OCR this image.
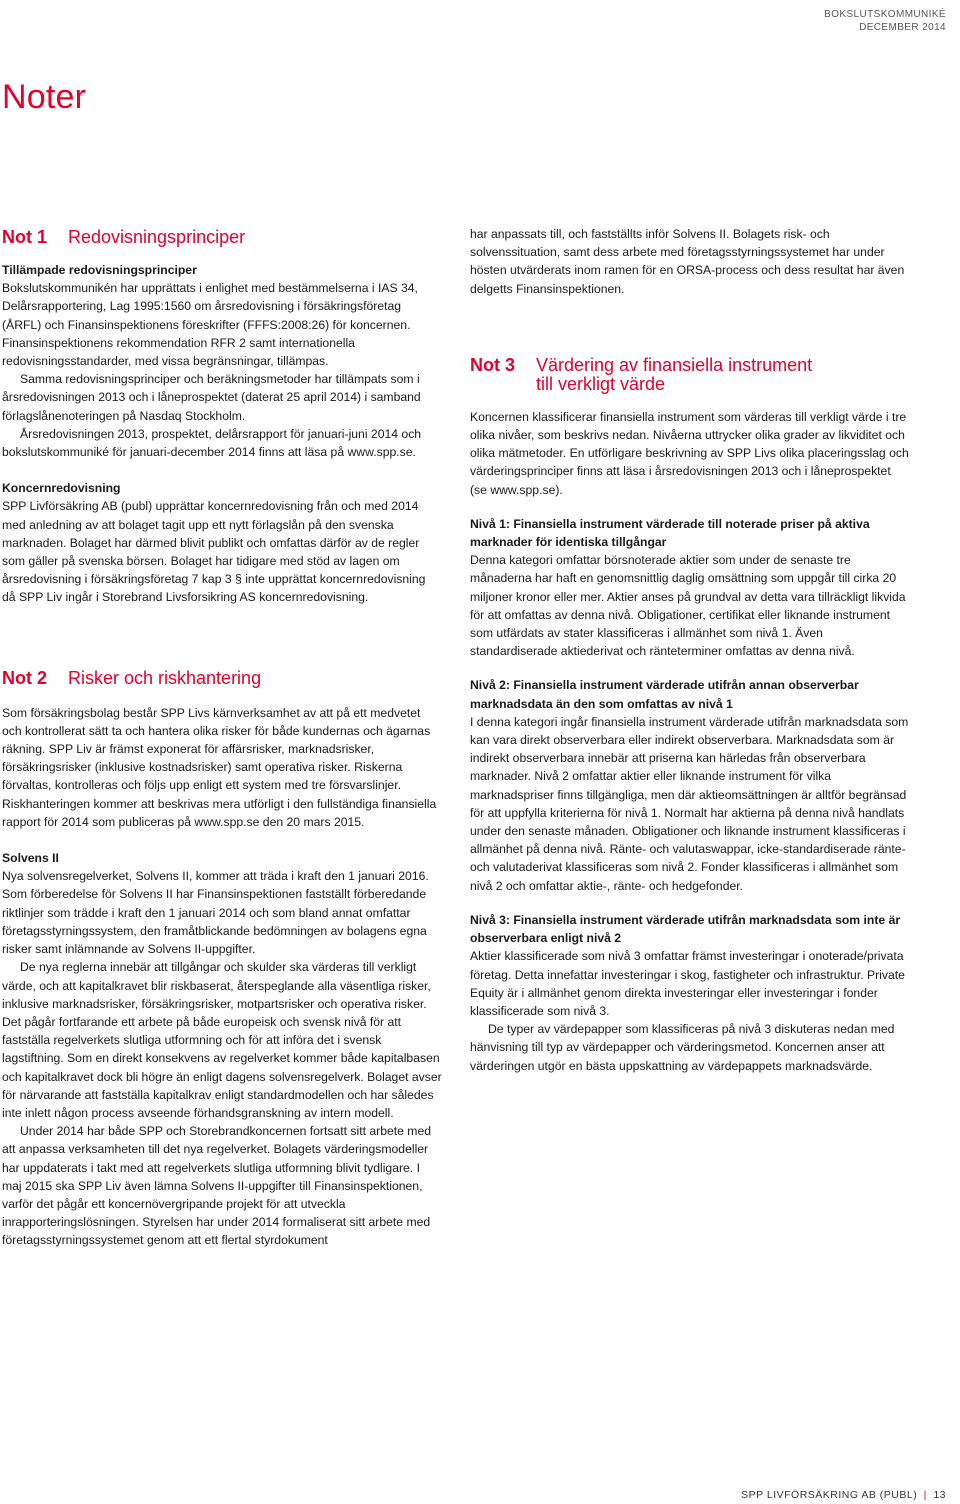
BOKSLUTSKOMMUNIKÉ
DECEMBER 2014
Noter
Not 1	Redovisningsprinciper

Tillämpade redovisningsprinciper

Bokslutskommunikén har upprättats i enlighet med bestämmelserna i IAS 34, Delårsrapportering, Lag 1995:1560 om årsredovisning i försäkringsföretag (ÅRFL) och Finansinspektionens föreskrifter (FFFS:2008:26) för koncernen. Finansinspektionens rekommendation RFR 2 samt internationella redovisningsstandarder, med vissa begränsningar, tillämpas.

Samma redovisningsprinciper och beräkningsmetoder har tillämpats som i årsredovisningen 2013 och i låneprospektet (daterat 25 april 2014) i samband förlagslånenoteringen på Nasdaq Stockholm.

Årsredovisningen 2013, prospektet, delårsrapport för januari-juni 2014 och bokslutskommuniké för januari-december 2014 finns att läsa på www.spp.se.

Koncernredovisning

SPP Livförsäkring AB (publ) upprättar koncernredovisning från och med 2014 med anledning av att bolaget tagit upp ett nytt förlagslån på den svenska marknaden. Bolaget har därmed blivit publikt och omfattas därför av de regler som gäller på svenska börsen. Bolaget har tidigare med stöd av lagen om årsredovisning i försäkringsföretag 7 kap 3 § inte upprättat koncernredovisning då SPP Liv ingår i Storebrand Livsforsikring AS koncernredovisning.

Not 2	Risker och riskhantering

Som försäkringsbolag består SPP Livs kärnverksamhet av att på ett medvetet och kontrollerat sätt ta och hantera olika risker för både kundernas och ägarnas räkning. SPP Liv är främst exponerat för affärsrisker, marknadsrisker, försäkringsrisker (inklusive kostnadsrisker) samt operativa risker. Riskerna förvaltas, kontrolleras och följs upp enligt ett system med tre försvarslinjer. Riskhanteringen kommer att beskrivas mera utförligt i den fullständiga finansiella rapport för 2014 som publiceras på www.spp.se den 20 mars 2015.

Solvens II

Nya solvensregelverket, Solvens II, kommer att träda i kraft den 1 januari 2016. Som förberedelse för Solvens II har Finansinspektionen fastställt förberedande riktlinjer som trädde i kraft den 1 januari 2014 och som bland annat omfattar företagsstyrningssystem, den framåtblickande bedömningen av bolagens egna risker samt inlämnande av Solvens II-uppgifter.

De nya reglerna innebär att tillgångar och skulder ska värderas till verkligt värde, och att kapitalkravet blir riskbaserat, återspeglande alla väsentliga risker, inklusive marknadsrisker, försäkringsrisker, motpartsrisker och operativa risker. Det pågår fortfarande ett arbete på både europeisk och svensk nivå för att fastställa regelverkets slutliga utformning och för att införa det i svensk lagstiftning. Som en direkt konsekvens av regelverket kommer både kapitalbasen och kapitalkravet dock bli högre än enligt dagens solvensregelverk. Bolaget avser för närvarande att fastställa kapitalkrav enligt standardmodellen och har således inte inlett någon process avseende förhandsgranskning av intern modell.

Under 2014 har både SPP och Storebrandkoncernen fortsatt sitt arbete med att anpassa verksamheten till det nya regelverket. Bolagets värderingsmodeller har uppdaterats i takt med att regelverkets slutliga utformning blivit tydligare. I maj 2015 ska SPP Liv även lämna Solvens II-uppgifter till Finansinspektionen, varför det pågår ett koncernövergripande projekt för att utveckla inrapporteringslösningen. Styrelsen har under 2014 formaliserat sitt arbete med företagsstyrningssystemet genom att ett flertal styrdokument

har anpassats till, och fastställts inför Solvens II. Bolagets risk- och solvenssituation, samt dess arbete med företagsstyrningssystemet har under hösten utvärderats inom ramen för en ORSA-process och dess resultat har även delgetts Finansinspektionen.

Not 3	Värdering av finansiella instrument
till verkligt värde

Koncernen klassificerar finansiella instrument som värderas till verkligt värde i tre olika nivåer, som beskrivs nedan. Nivåerna uttrycker olika grader av likviditet och olika mätmetoder. En utförligare beskrivning av SPP Livs olika placeringsslag och värderingsprinciper finns att läsa i årsredovisningen 2013 och i låneprospektet (se www.spp.se).

Nivå 1: Finansiella instrument värderade till noterade priser på aktiva marknader för identiska tillgångar

Denna kategori omfattar börsnoterade aktier som under de senaste tre månaderna har haft en genomsnittlig daglig omsättning som uppgår till cirka 20 miljoner kronor eller mer. Aktier anses på grundval av detta vara tillräckligt likvida för att omfattas av denna nivå. Obligationer, certifikat eller liknande instrument som utfärdats av stater klassificeras i allmänhet som nivå 1. Även standardiserade aktiederivat och ränteterminer omfattas av denna nivå.

Nivå 2: Finansiella instrument värderade utifrån annan observerbar marknadsdata än den som omfattas av nivå 1

I denna kategori ingår finansiella instrument värderade utifrån marknadsdata som kan vara direkt observerbara eller indirekt observerbara. Marknadsdata som är indirekt observerbara innebär att priserna kan härledas från observerbara marknader. Nivå 2 omfattar aktier eller liknande instrument för vilka marknadspriser finns tillgängliga, men där aktieomsättningen är alltför begränsad för att uppfylla kriterierna för nivå 1. Normalt har aktierna på denna nivå handlats under den senaste månaden. Obligationer och liknande instrument klassificeras i allmänhet på denna nivå. Ränte- och valutaswappar, icke-standardiserade ränte- och valutaderivat klassificeras som nivå 2. Fonder klassificeras i allmänhet som nivå 2 och omfattar aktie-, ränte- och hedgefonder.

Nivå 3: Finansiella instrument värderade utifrån marknadsdata som inte är observerbara enligt nivå 2

Aktier klassificerade som nivå 3 omfattar främst investeringar i onoterade/privata företag. Detta innefattar investeringar i skog, fastigheter och infrastruktur. Private Equity är i allmänhet genom direkta investeringar eller investeringar i fonder klassificerade som nivå 3.

De typer av värdepapper som klassificeras på nivå 3 diskuteras nedan med hänvisning till typ av värdepapper och värderingsmetod. Koncernen anser att värderingen utgör en bästa uppskattning av värdepappets marknadsvärde.

SPP LIVFÖRSÄKRING AB (PUBL) | 13
